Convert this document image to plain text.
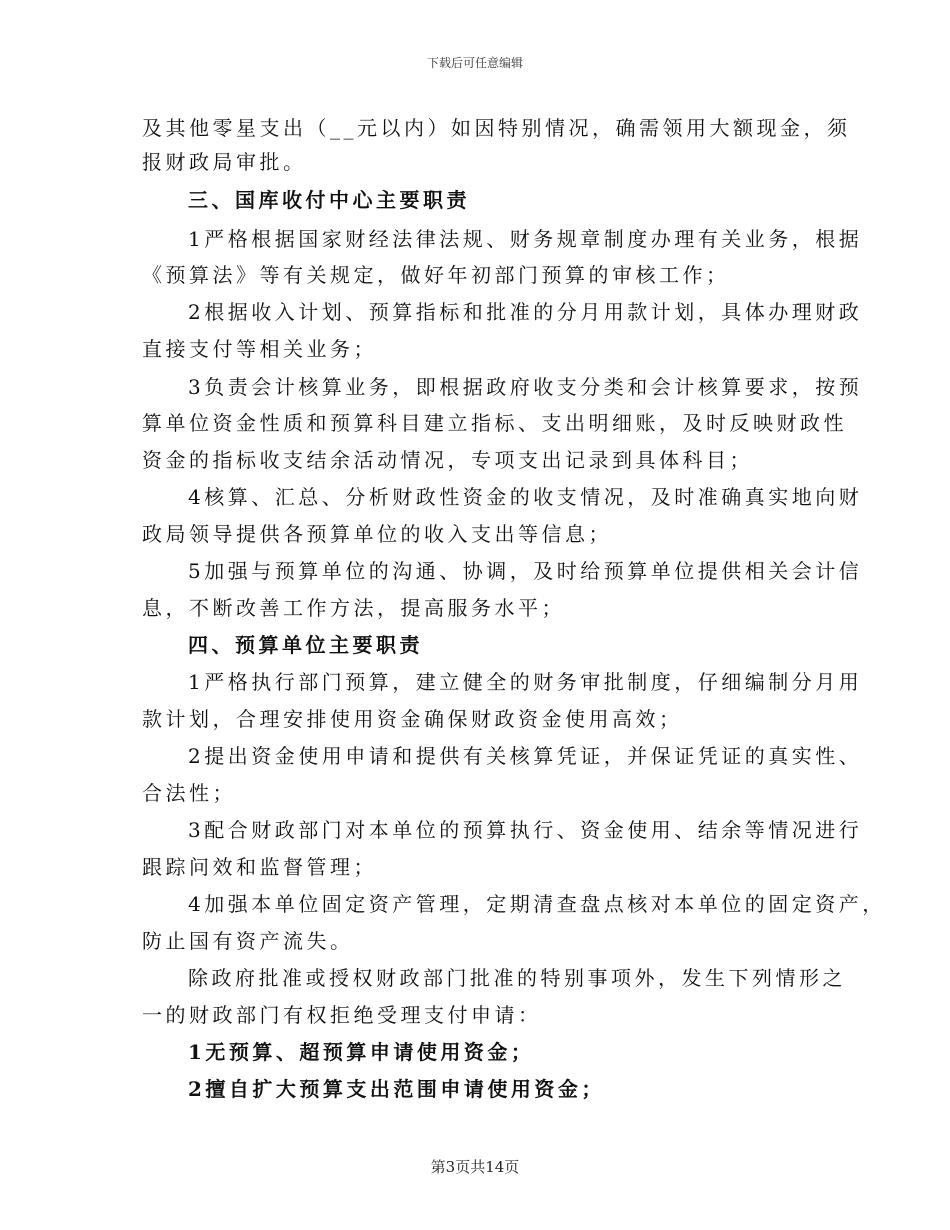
下载后可任意编辑
及其他零星支出（__元以内）如因特别情况，确需领用大额现金，须
报财政局审批。
三、国库收付中心主要职责
1严格根据国家财经法律法规、财务规章制度办理有关业务，根据
《预算法》等有关规定，做好年初部门预算的审核工作；
2根据收入计划、预算指标和批准的分月用款计划，具体办理财政
直接支付等相关业务；
3负责会计核算业务，即根据政府收支分类和会计核算要求，按预
算单位资金性质和预算科目建立指标、支出明细账，及时反映财政性
资金的指标收支结余活动情况，专项支出记录到具体科目；
4核算、汇总、分析财政性资金的收支情况，及时准确真实地向财
政局领导提供各预算单位的收入支出等信息；
5加强与预算单位的沟通、协调，及时给预算单位提供相关会计信
息，不断改善工作方法，提高服务水平；
四、预算单位主要职责
1严格执行部门预算，建立健全的财务审批制度，仔细编制分月用
款计划，合理安排使用资金确保财政资金使用高效；
2提出资金使用申请和提供有关核算凭证，并保证凭证的真实性、
合法性；
3配合财政部门对本单位的预算执行、资金使用、结余等情况进行
跟踪问效和监督管理；
4加强本单位固定资产管理，定期清查盘点核对本单位的固定资产，
防止国有资产流失。
除政府批准或授权财政部门批准的特别事项外，发生下列情形之
一的财政部门有权拒绝受理支付申请：
1无预算、超预算申请使用资金；
2擅自扩大预算支出范围申请使用资金；
第3页共14页
